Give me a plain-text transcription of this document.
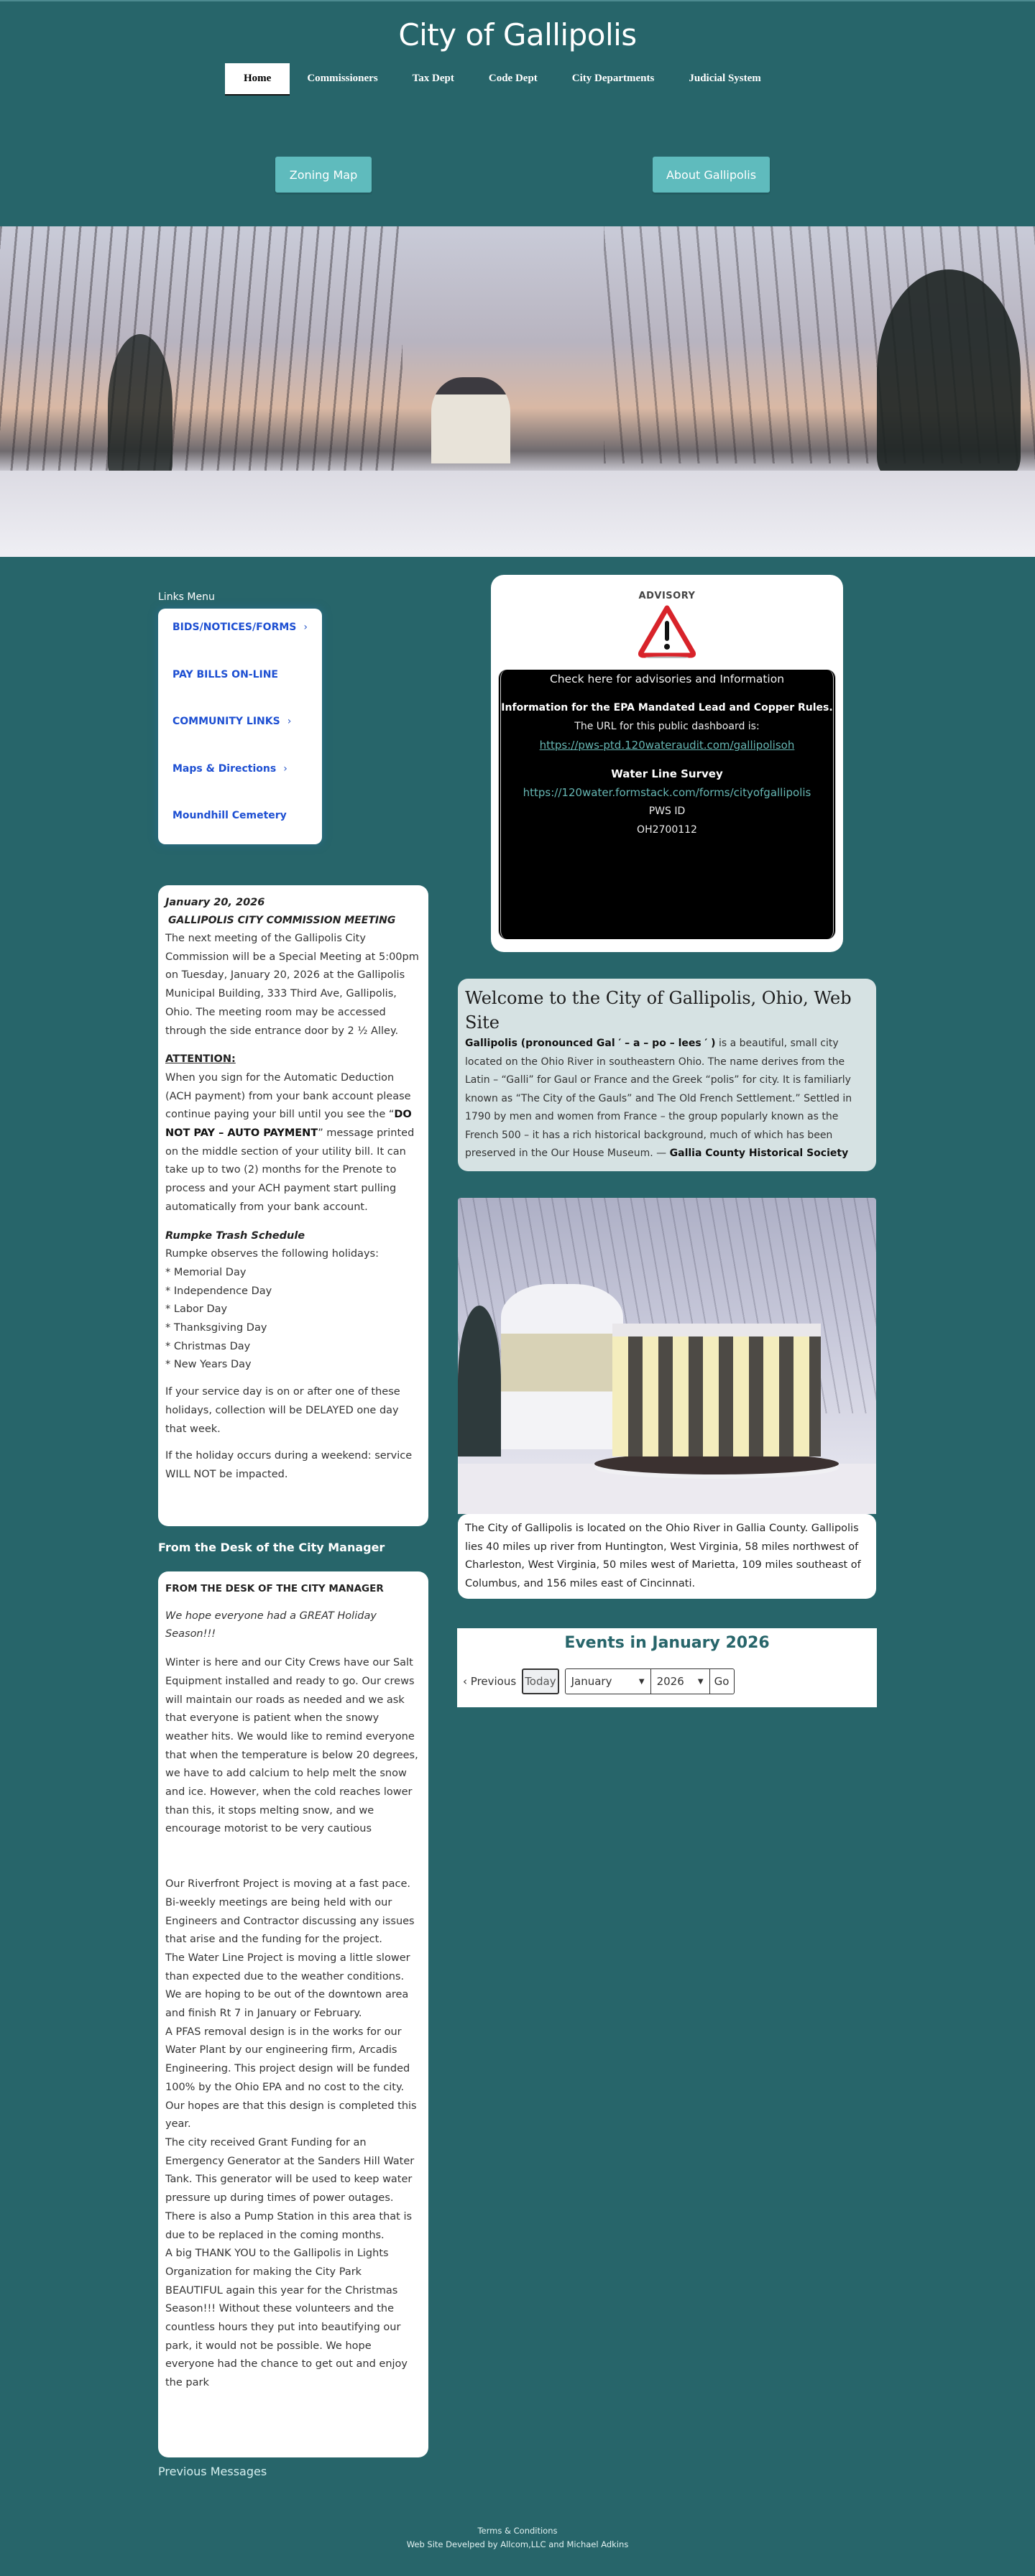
City of Gallipolis
Home	Commissioners	Tax Dept	Code Dept	City Departments	Judicial System
Zoning Map	About Gallipolis
Links Menu
BIDS/NOTICES/FORMS ›
PAY BILLS ON-LINE
COMMUNITY LINKS ›
Maps & Directions ›
Moundhill Cemetery
January 20, 2026
GALLIPOLIS CITY COMMISSION MEETING

The next meeting of the Gallipolis City Commission will be a Special Meeting at 5:00pm on Tuesday, January 20, 2026 at the Gallipolis Municipal Building, 333 Third Ave, Gallipolis, Ohio. The meeting room may be accessed through the side entrance door by 2 ½ Alley.

ATTENTION:

When you sign for the Automatic Deduction (ACH payment) from your bank account please continue paying your bill until you see the “DO NOT PAY – AUTO PAYMENT” message printed on the middle section of your utility bill. It can take up to two (2) months for the Prenote to process and your ACH payment start pulling automatically from your bank account.

Rumpke Trash Schedule

Rumpke observes the following holidays:

* Memorial Day
* Independence Day
* Labor Day
* Thanksgiving Day
* Christmas Day
* New Years Day

If your service day is on or after one of these holidays, collection will be DELAYED one day that week.

If the holiday occurs during a weekend: service WILL NOT be impacted.

From the Desk of the City Manager
FROM THE DESK OF THE CITY MANAGER

We hope everyone had a GREAT Holiday Season!!!

Winter is here and our City Crews have our Salt Equipment installed and ready to go. Our crews will maintain our roads as needed and we ask that everyone is patient when the snowy weather hits. We would like to remind everyone that when the temperature is below 20 degrees, we have to add calcium to help melt the snow and ice. However, when the cold reaches lower than this, it stops melting snow, and we encourage motorist to be very cautious

Our Riverfront Project is moving at a fast pace. Bi-weekly meetings are being held with our Engineers and Contractor discussing any issues that arise and the funding for the project.

The Water Line Project is moving a little slower than expected due to the weather conditions. We are hoping to be out of the downtown area and finish Rt 7 in January or February.

A PFAS removal design is in the works for our Water Plant by our engineering firm, Arcadis Engineering. This project design will be funded 100% by the Ohio EPA and no cost to the city. Our hopes are that this design is completed this year.

The city received Grant Funding for an Emergency Generator at the Sanders Hill Water Tank. This generator will be used to keep water pressure up during times of power outages. There is also a Pump Station in this area that is due to be replaced in the coming months.

A big THANK YOU to the Gallipolis in Lights Organization for making the City Park BEAUTIFUL again this year for the Christmas Season!!! Without these volunteers and the countless hours they put into beautifying our park, it would not be possible. We hope everyone had the chance to get out and enjoy the park

Previous Messages
ADVISORY
Check here for advisories and Information
Information for the EPA Mandated Lead and Copper Rules.
The URL for this public dashboard is:
https://pws-ptd.120wateraudit.com/gallipolisoh
Water Line Survey
https://120water.formstack.com/forms/cityofgallipolis
PWS ID
OH2700112
Welcome to the City of Gallipolis, Ohio, Web Site

Gallipolis (pronounced Gal ′ – a – po – lees ′ ) is a beautiful, small city located on the Ohio River in southeastern Ohio. The name derives from the Latin – “Galli” for Gaul or France and the Greek “polis” for city. It is familiarly known as “The City of the Gauls” and The Old French Settlement.” Settled in 1790 by men and women from France – the group popularly known as the French 500 – it has a rich historical background, much of which has been preserved in the Our House Museum. — Gallia County Historical Society

The City of Gallipolis is located on the Ohio River in Gallia County. Gallipolis lies 40 miles up river from Huntington, West Virginia, 58 miles northwest of Charleston, West Virginia, 50 miles west of Marietta, 109 miles southeast of Columbus, and 156 miles east of Cincinnati.
Events in January 2026
‹ Previous Today January	▼ 2026 ▼	Go
Terms & Conditions
Web Site Develped by Allcom,LLC and Michael Adkins
